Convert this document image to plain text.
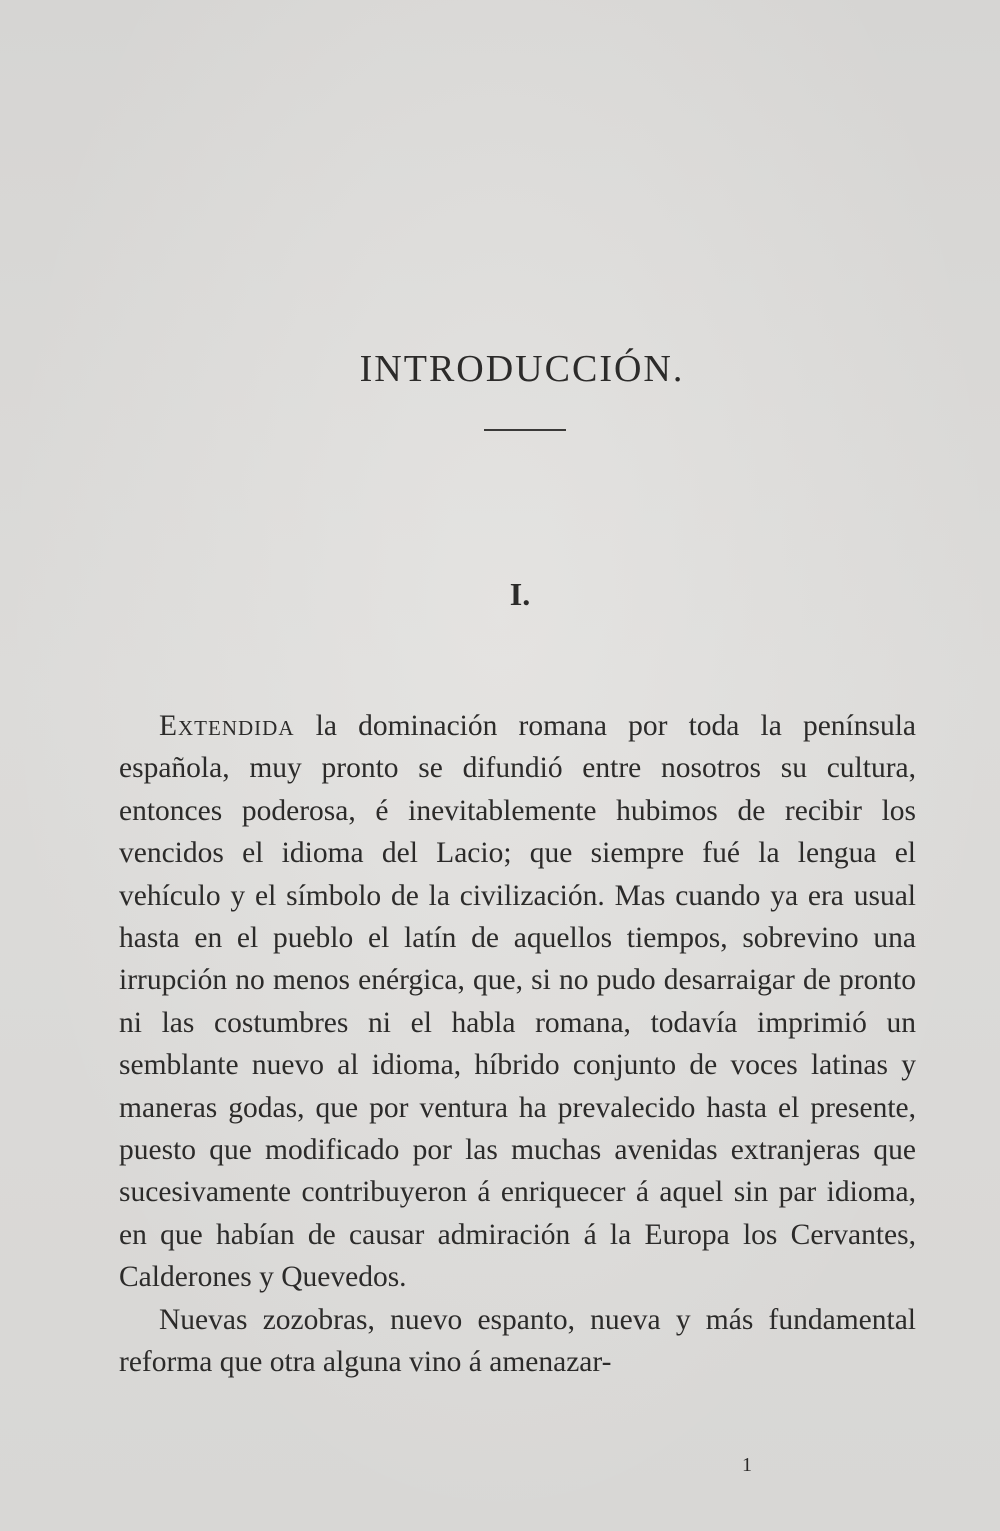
INTRODUCCIÓN.
I.

Extendida la dominación romana por toda la península española, muy pronto se difundió entre nosotros su cultura, entonces poderosa, é inevitablemente hubimos de recibir los vencidos el idioma del Lacio; que siempre fué la lengua el vehículo y el símbolo de la civilización. Mas cuando ya era usual hasta en el pueblo el latín de aquellos tiempos, sobrevino una irrupción no menos enérgica, que, si no pudo desarraigar de pronto ni las costumbres ni el habla romana, todavía imprimió un semblante nuevo al idioma, híbrido conjunto de voces latinas y maneras godas, que por ventura ha prevalecido hasta el presente, puesto que modificado por las muchas avenidas extranjeras que sucesivamente contribuyeron á enriquecer á aquel sin par idioma, en que habían de causar admiración á la Europa los Cervantes, Calderones y Quevedos.

Nuevas zozobras, nuevo espanto, nueva y más fundamental reforma que otra alguna vino á amenazar-

1
